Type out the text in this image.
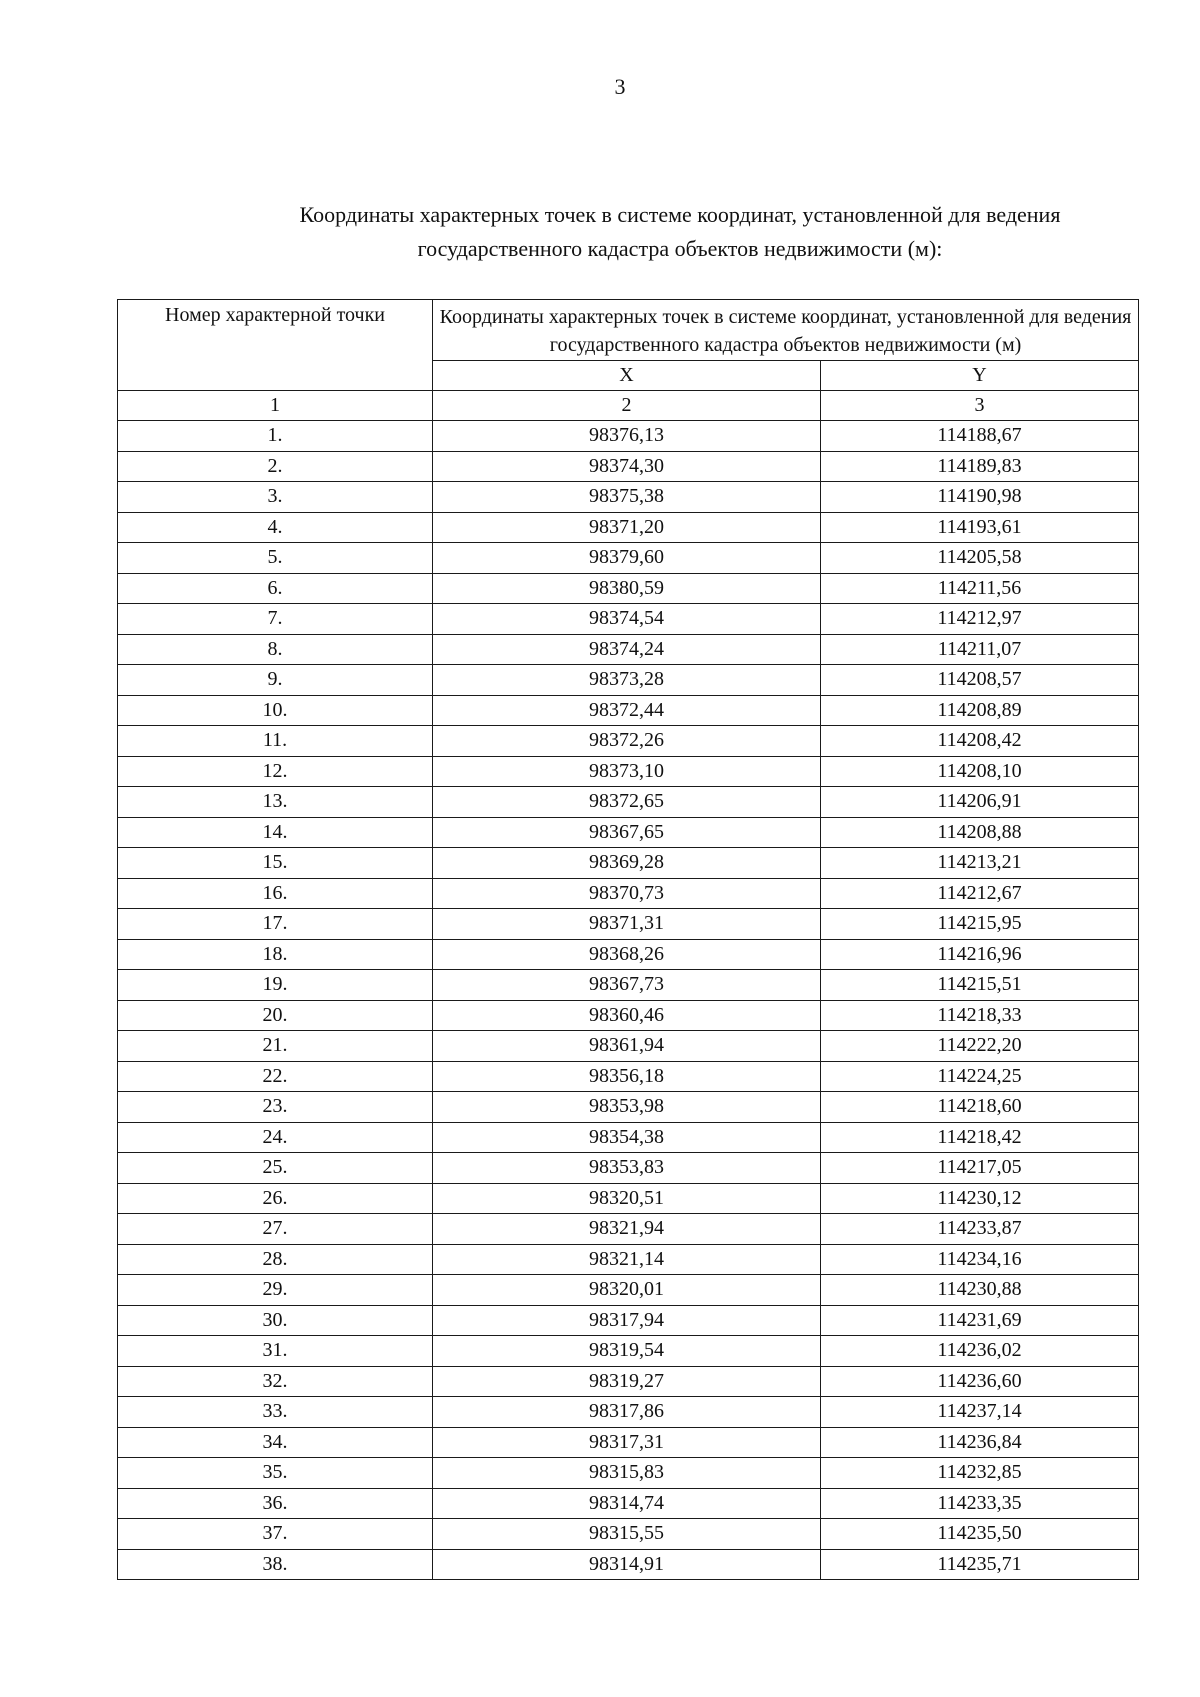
3
Координаты характерных точек в системе координат, установленной для ведения
государственного кадастра объектов недвижимости (м):
Номер характерной точки	Координаты характерных точек в системе координат, установленной для ведения государственного кадастра объектов недвижимости (м)	
	X	Y
1	2	3
1.	98376,13	114188,67
2.	98374,30	114189,83
3.	98375,38	114190,98
4.	98371,20	114193,61
5.	98379,60	114205,58
6.	98380,59	114211,56
7.	98374,54	114212,97
8.	98374,24	114211,07
9.	98373,28	114208,57
10.	98372,44	114208,89
11.	98372,26	114208,42
12.	98373,10	114208,10
13.	98372,65	114206,91
14.	98367,65	114208,88
15.	98369,28	114213,21
16.	98370,73	114212,67
17.	98371,31	114215,95
18.	98368,26	114216,96
19.	98367,73	114215,51
20.	98360,46	114218,33
21.	98361,94	114222,20
22.	98356,18	114224,25
23.	98353,98	114218,60
24.	98354,38	114218,42
25.	98353,83	114217,05
26.	98320,51	114230,12
27.	98321,94	114233,87
28.	98321,14	114234,16
29.	98320,01	114230,88
30.	98317,94	114231,69
31.	98319,54	114236,02
32.	98319,27	114236,60
33.	98317,86	114237,14
34.	98317,31	114236,84
35.	98315,83	114232,85
36.	98314,74	114233,35
37.	98315,55	114235,50
38.	98314,91	114235,71
